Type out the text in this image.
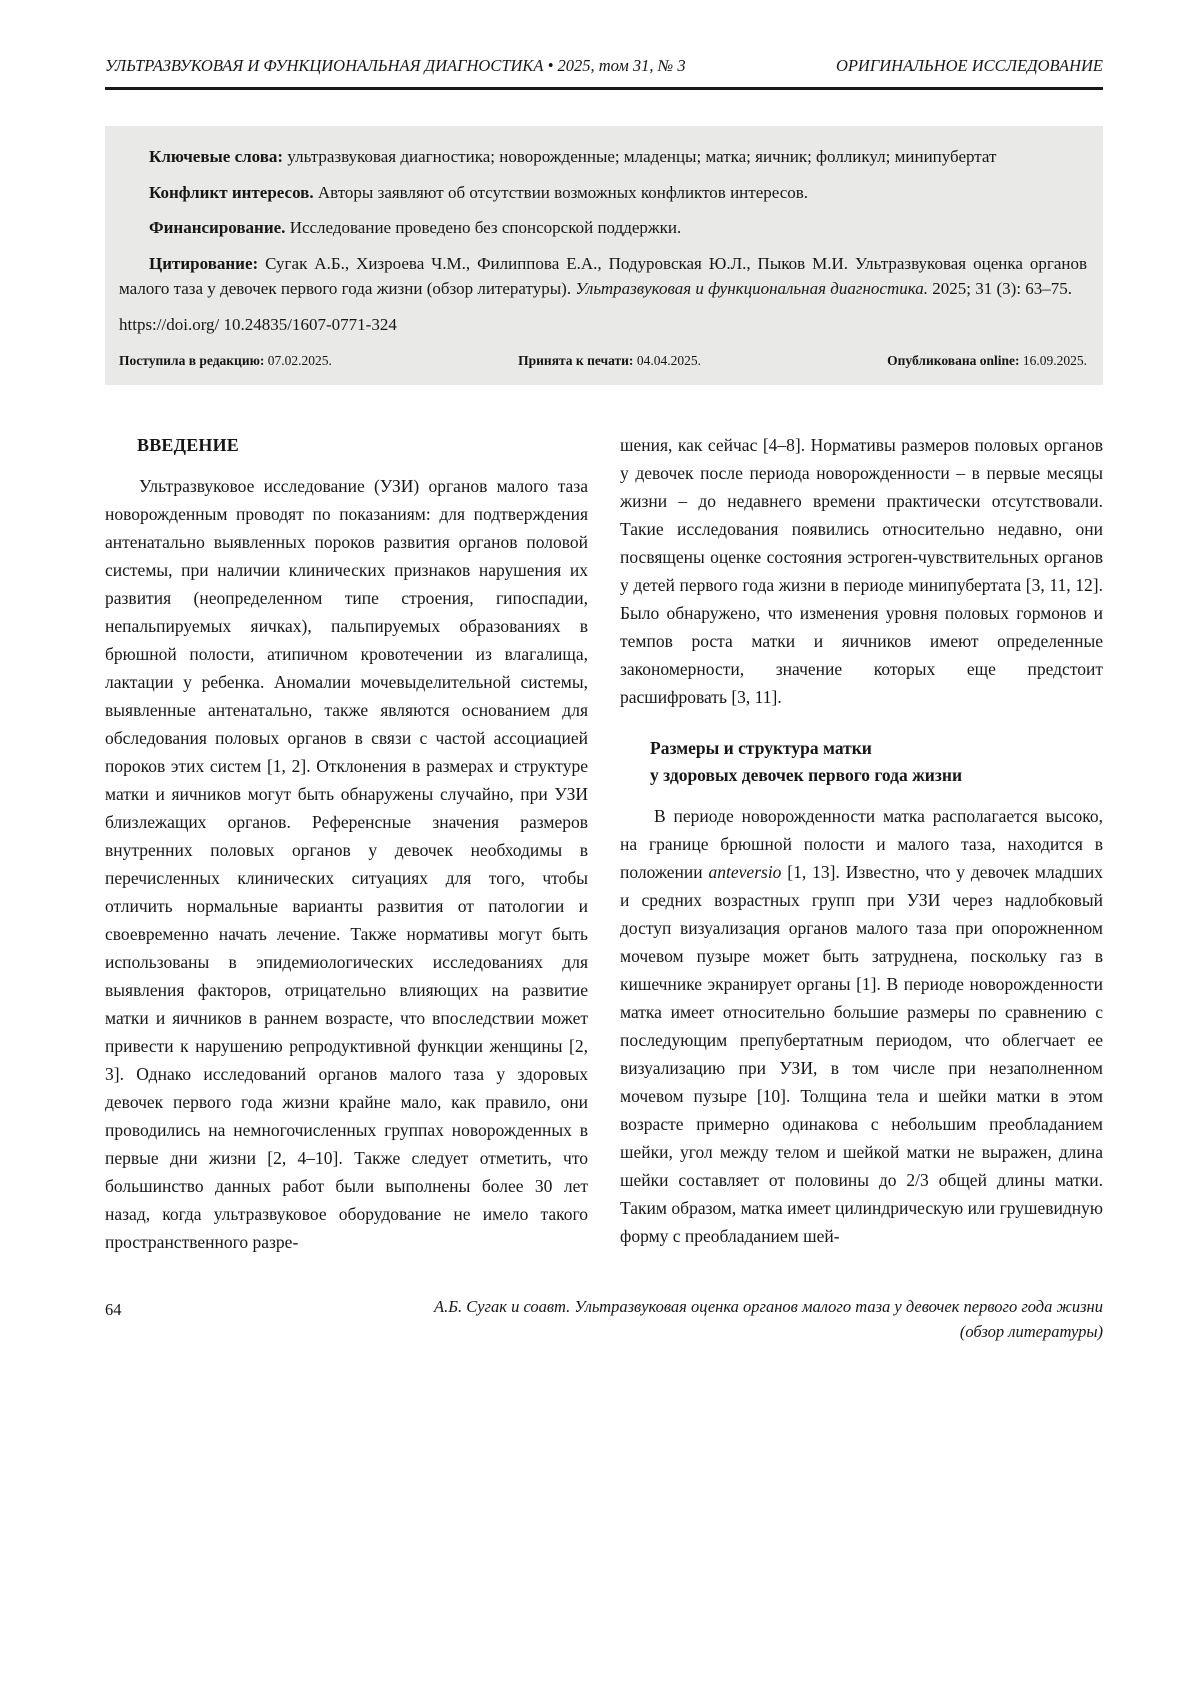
УЛЬТРАЗВУКОВАЯ И ФУНКЦИОНАЛЬНАЯ ДИАГНОСТИКА • 2025, том 31, № 3	ОРИГИНАЛЬНОЕ ИССЛЕДОВАНИЕ

Ключевые слова: ультразвуковая диагностика; новорожденные; младенцы; матка; яичник; фолликул; минипубертат

Конфликт интересов. Авторы заявляют об отсутствии возможных конфликтов интересов.

Финансирование. Исследование проведено без спонсорской поддержки.

Цитирование: Сугак А.Б., Хизроева Ч.М., Филиппова Е.А., Подуровская Ю.Л., Пыков М.И. Ультразвуковая оценка органов малого таза у девочек первого года жизни (обзор литературы). Ультразвуковая и функциональная диагностика. 2025; 31 (3): 63–75.

https://doi.org/ 10.24835/1607-0771-324

Поступила в редакцию: 07.02.2025.	Принята к печати: 04.04.2025.	Опубликована online: 16.09.2025.
ВВЕДЕНИЕ

Ультразвуковое исследование (УЗИ) органов малого таза новорожденным проводят по показаниям: для подтверждения антенатально выявленных пороков развития органов половой системы, при наличии клинических признаков нарушения их развития (неопределенном типе строения, гипоспадии, непальпируемых яичках), пальпируемых образованиях в брюшной полости, атипичном кровотечении из влагалища, лактации у ребенка. Аномалии мочевыделительной системы, выявленные антенатально, также являются основанием для обследования половых органов в связи с частой ассоциацией пороков этих систем [1, 2]. Отклонения в размерах и структуре матки и яичников могут быть обнаружены случайно, при УЗИ близлежащих органов. Референсные значения размеров внутренних половых органов у девочек необходимы в перечисленных клинических ситуациях для того, чтобы отличить нормальные варианты развития от патологии и своевременно начать лечение. Также нормативы могут быть использованы в эпидемиологических исследованиях для выявления факторов, отрицательно влияющих на развитие матки и яичников в раннем возрасте, что впоследствии может привести к нарушению репродуктивной функции женщины [2, 3]. Однако исследований органов малого таза у здоровых девочек первого года жизни крайне мало, как правило, они проводились на немногочисленных группах новорожденных в первые дни жизни [2, 4–10]. Также следует отметить, что большинство данных работ были выполнены более 30 лет назад, когда ультразвуковое оборудование не имело такого пространственного разре-

шения, как сейчас [4–8]. Нормативы размеров половых органов у девочек после периода новорожденности – в первые месяцы жизни – до недавнего времени практически отсутствовали. Такие исследования появились относительно недавно, они посвящены оценке состояния эстроген-чувствительных органов у детей первого года жизни в периоде минипубертата [3, 11, 12]. Было обнаружено, что изменения уровня половых гормонов и темпов роста матки и яичников имеют определенные закономерности, значение которых еще предстоит расшифровать [3, 11].

Размеры и структура матки
у здоровых девочек первого года жизни

В периоде новорожденности матка располагается высоко, на границе брюшной полости и малого таза, находится в положении anteversio [1, 13]. Известно, что у девочек младших и средних возрастных групп при УЗИ через надлобковый доступ визуализация органов малого таза при опорожненном мочевом пузыре может быть затруднена, поскольку газ в кишечнике экранирует органы [1]. В периоде новорожденности матка имеет относительно большие размеры по сравнению с последующим препубертатным периодом, что облегчает ее визуализацию при УЗИ, в том числе при незаполненном мочевом пузыре [10]. Толщина тела и шейки матки в этом возрасте примерно одинакова с небольшим преобладанием шейки, угол между телом и шейкой матки не выражен, длина шейки составляет от половины до 2/3 общей длины матки. Таким образом, матка имеет цилиндрическую или грушевидную форму с преобладанием шей-

64	А.Б. Сугак и соавт. Ультразвуковая оценка органов малого таза у девочек первого года жизни
(обзор литературы)
